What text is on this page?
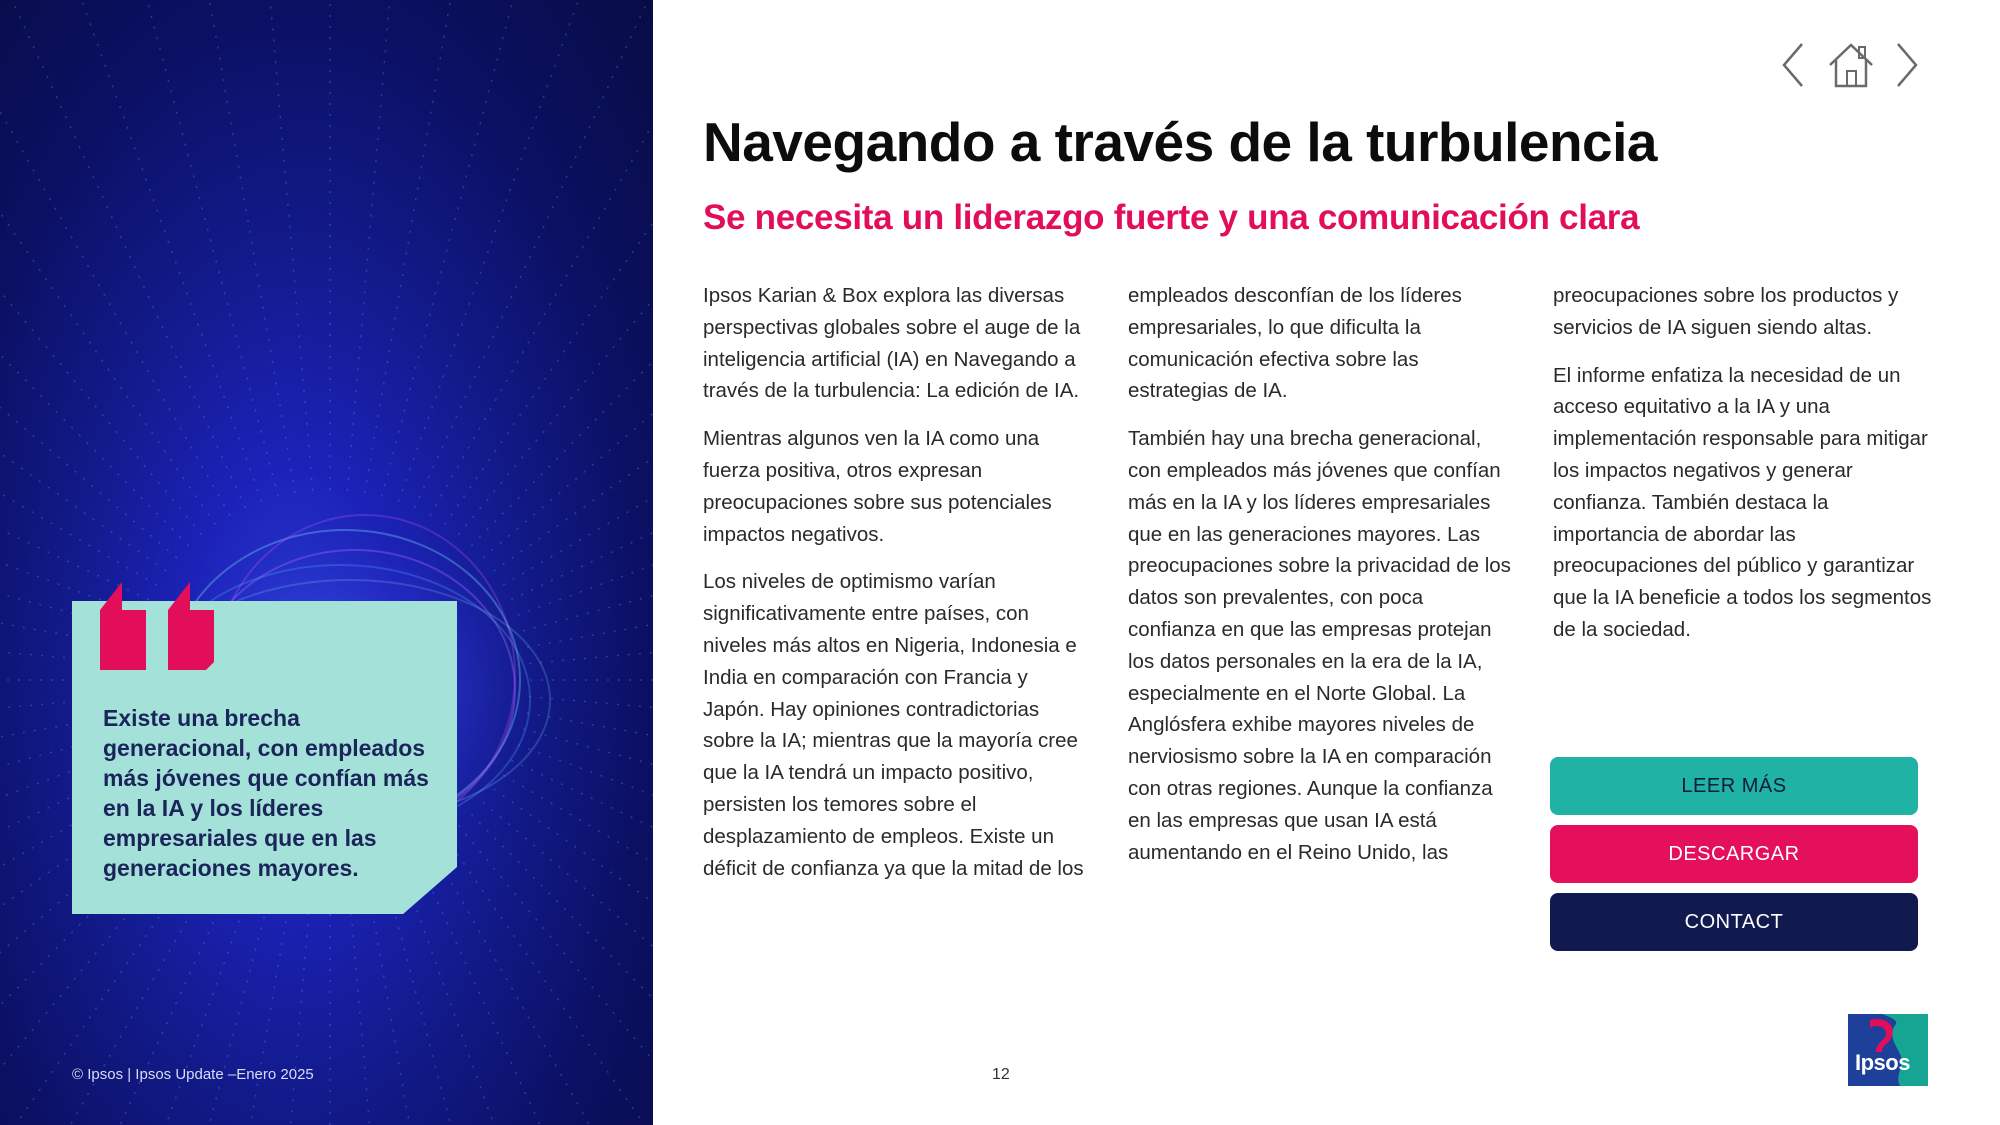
Existe una brecha generacional, con empleados más jóvenes que confían más en la IA y los líderes empresariales que en las generaciones mayores.

© Ipsos | Ipsos Update –Enero 2025
Navegando a través de la turbulencia
Se necesita un liderazgo fuerte y una comunicación clara

Ipsos Karian & Box explora las diversas perspectivas globales sobre el auge de la inteligencia artificial (IA) en Navegando a través de la turbulencia: La edición de IA.

Mientras algunos ven la IA como una fuerza positiva, otros expresan preocupaciones sobre sus potenciales impactos negativos.

Los niveles de optimismo varían significativamente entre países, con niveles más altos en Nigeria, Indonesia e India en comparación con Francia y Japón. Hay opiniones contradictorias sobre la IA; mientras que la mayoría cree que la IA tendrá un impacto positivo, persisten los temores sobre el desplazamiento de empleos. Existe un déficit de confianza ya que la mitad de los

empleados desconfían de los líderes empresariales, lo que dificulta la comunicación efectiva sobre las estrategias de IA.

También hay una brecha generacional, con empleados más jóvenes que confían más en la IA y los líderes empresariales que en las generaciones mayores. Las preocupaciones sobre la privacidad de los datos son prevalentes, con poca confianza en que las empresas protejan los datos personales en la era de la IA, especialmente en el Norte Global. La Anglósfera exhibe mayores niveles de nerviosismo sobre la IA en comparación con otras regiones. Aunque la confianza en las empresas que usan IA está aumentando en el Reino Unido, las

preocupaciones sobre los productos y servicios de IA siguen siendo altas.

El informe enfatiza la necesidad de un acceso equitativo a la IA y una implementación responsable para mitigar los impactos negativos y generar confianza. También destaca la importancia de abordar las preocupaciones del público y garantizar que la IA beneficie a todos los segmentos de la sociedad.

LEER MÁS
DESCARGAR
CONTACT
12	Ipsos
